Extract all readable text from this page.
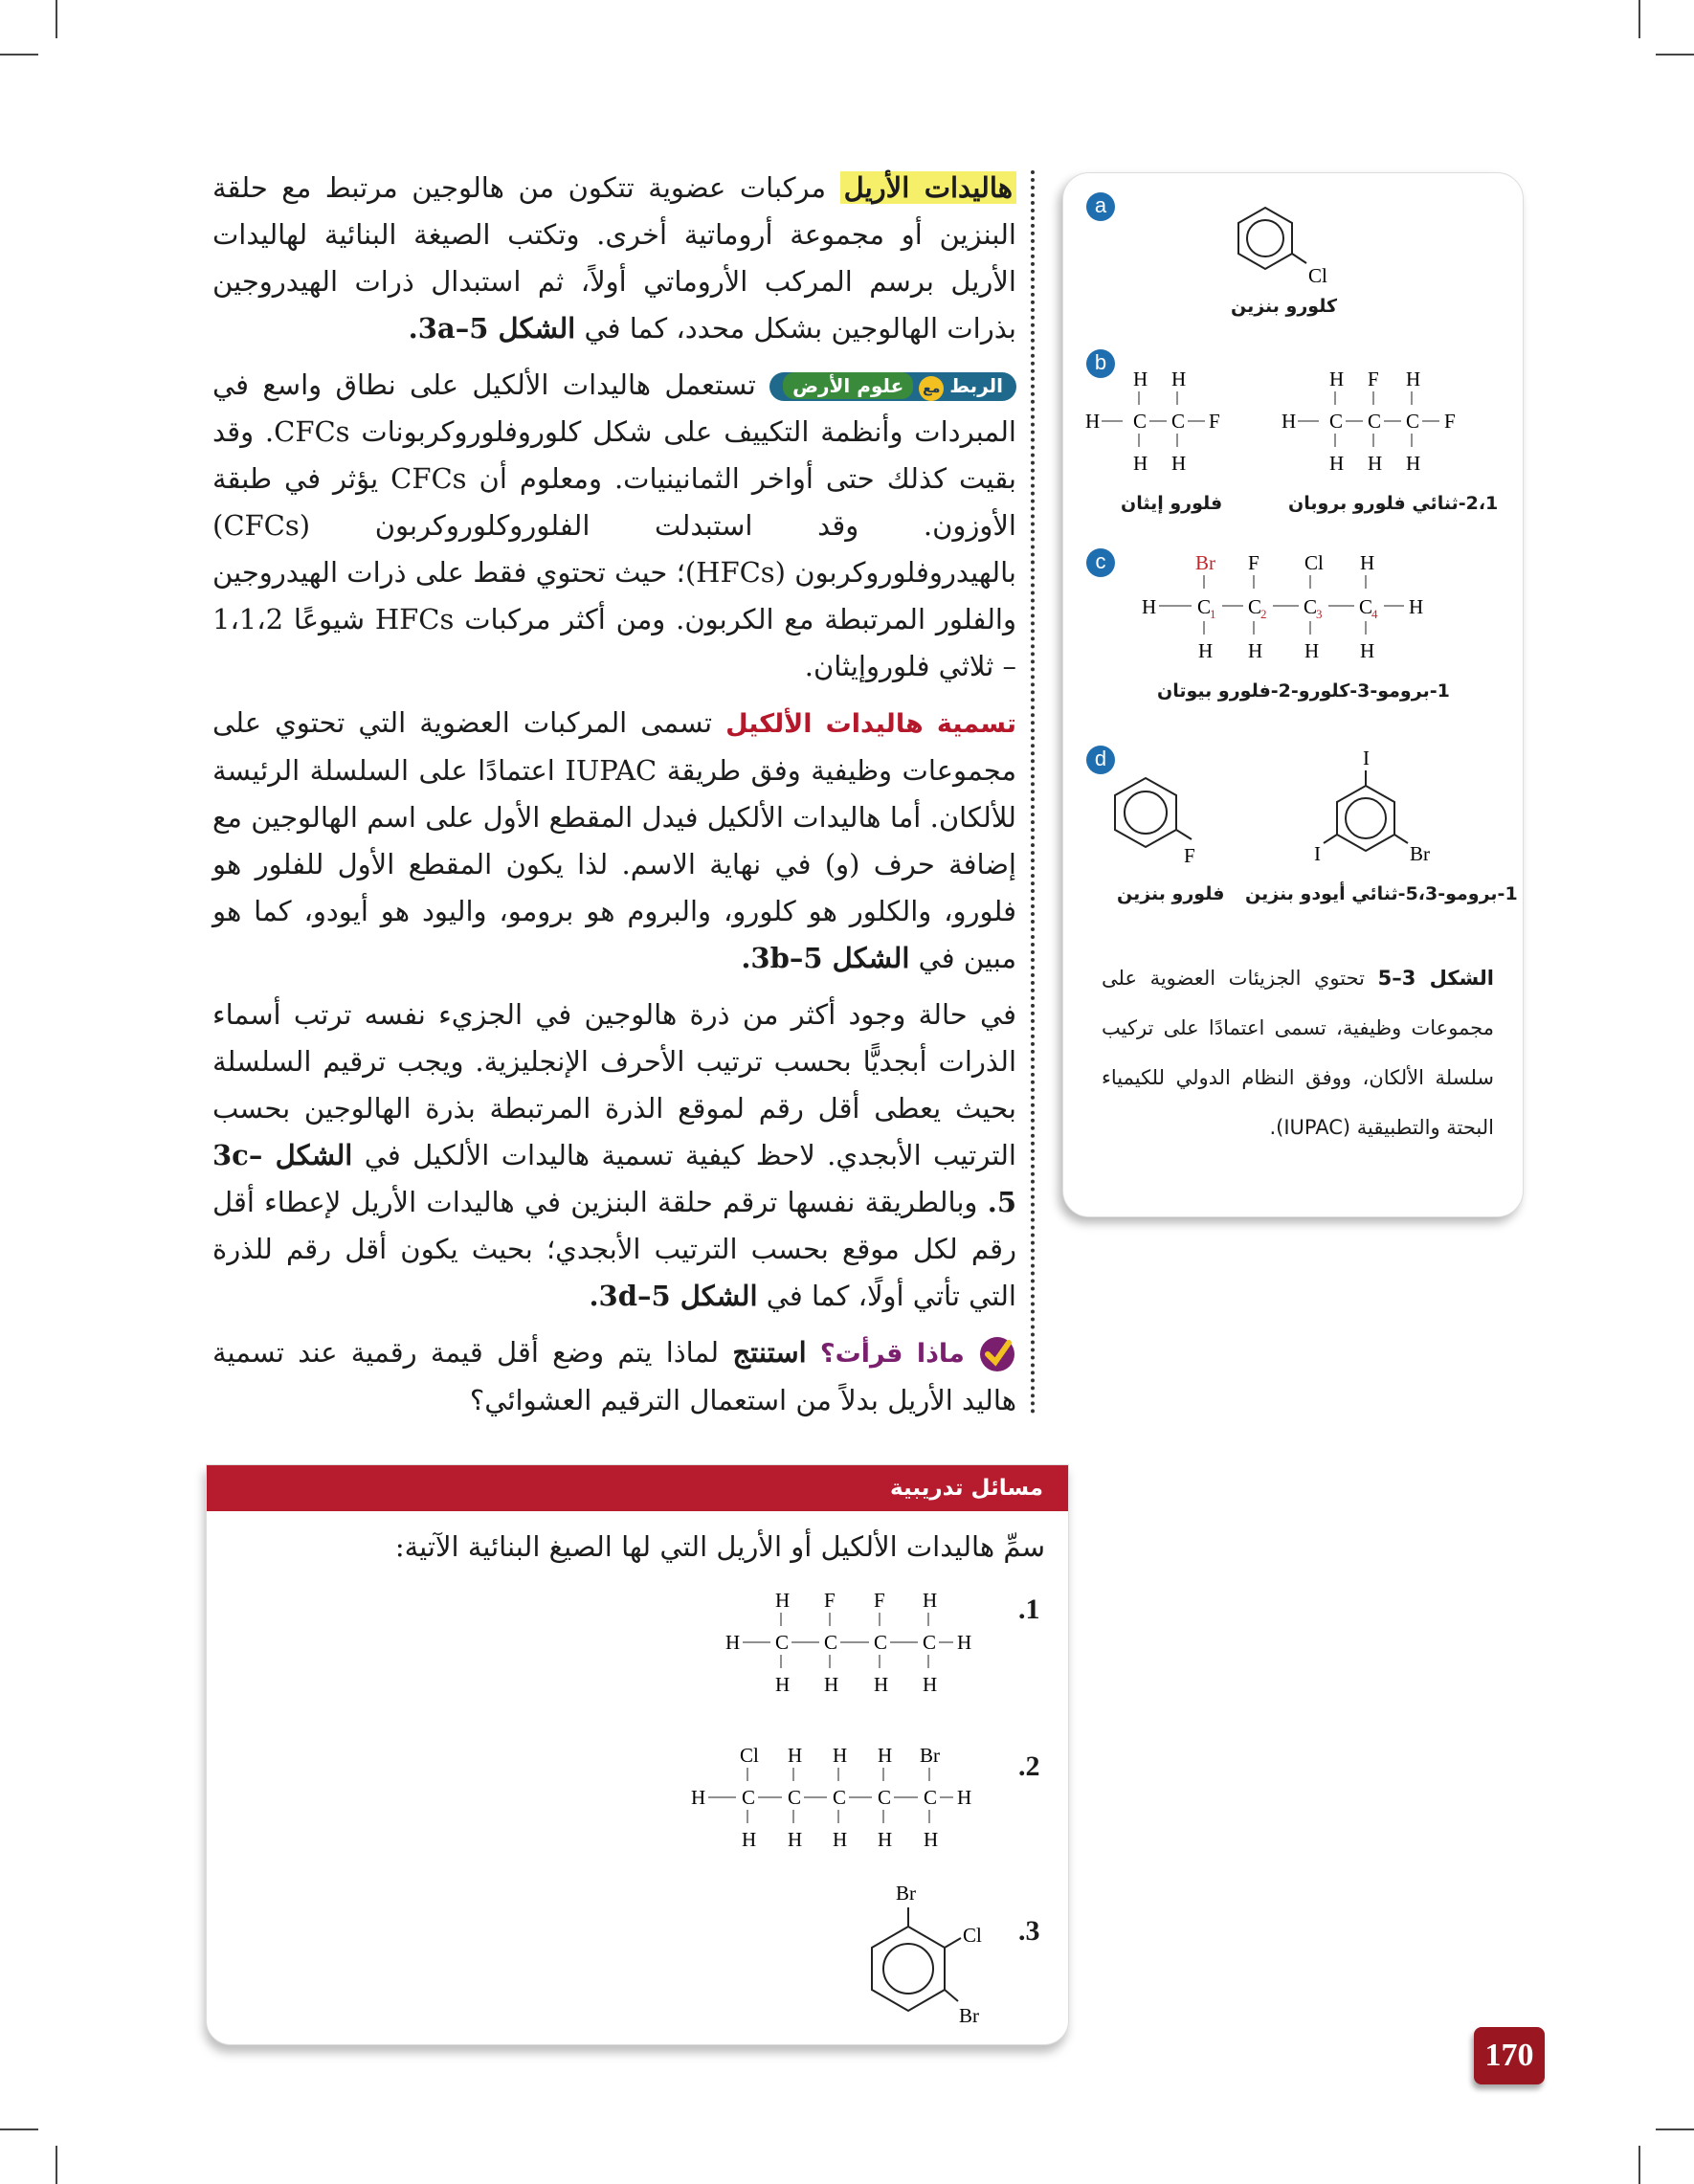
هاليدات الأريل مركبات عضوية تتكون من هالوجين مرتبط مع حلقة البنزين أو مجموعة أروماتية أخرى. وتكتب الصيغة البنائية لهاليدات الأريل برسم المركب الأروماتي أولاً، ثم استبدال ذرات الهيدروجين بذرات الهالوجين بشكل محدد، كما في الشكل 3a–5.

الربطمععلوم الأرض تستعمل هاليدات الألكيل على نطاق واسع في المبردات وأنظمة التكييف على شكل كلوروفلوروكربونات CFCs. وقد بقيت كذلك حتى أواخر الثمانينيات. ومعلوم أن CFCs يؤثر في طبقة الأوزون. وقد استبدلت الفلوروكلوروكربون (CFCs) بالهيدروفلوروكربون (HFCs)؛ حيث تحتوي فقط على ذرات الهيدروجين والفلور المرتبطة مع الكربون. ومن أكثر مركبات HFCs شيوعًا 1،1،2 – ثلاثي فلوروإيثان.

تسمية هاليدات الألكيل تسمى المركبات العضوية التي تحتوي على مجموعات وظيفية وفق طريقة IUPAC اعتمادًا على السلسلة الرئيسة للألكان. أما هاليدات الألكيل فيدل المقطع الأول على اسم الهالوجين مع إضافة حرف (و) في نهاية الاسم. لذا يكون المقطع الأول للفلور هو فلورو، والكلور هو كلورو، والبروم هو برومو، واليود هو أيودو، كما هو مبين في الشكل 3b–5.

في حالة وجود أكثر من ذرة هالوجين في الجزيء نفسه ترتب أسماء الذرات أبجديًّا بحسب ترتيب الأحرف الإنجليزية. ويجب ترقيم السلسلة بحيث يعطى أقل رقم لموقع الذرة المرتبطة بذرة الهالوجين بحسب الترتيب الأبجدي. لاحظ كيفية تسمية هاليدات الألكيل في الشكل 3c–5. وبالطريقة نفسها ترقم حلقة البنزين في هاليدات الأريل لإعطاء أقل رقم لكل موقع بحسب الترتيب الأبجدي؛ بحيث يكون أقل رقم للذرة التي تأتي أولًا، كما في الشكل 3d–5.

ماذا قرأت؟ استنتج لماذا يتم وضع أقل قيمة رقمية عند تسمية هاليد الأريل بدلاً من استعمال الترقيم العشوائي؟

a
b
c
d
Cl
H H
H C C F
H H
H F H
H C C C F
H H H
Br F Cl H
H C
1 C
2 C
3 C
4 H
H H H H
F
I
I	Br
كلورو بنزين
فلورو إيثان	2،1-ثنائي فلورو بروبان
1-برومو-3-كلورو-2-فلورو بيوتان
فلورو بنزين 1-برومو-5،3-ثنائي أيودو بنزين
الشكل 3–5 تحتوي الجزيئات العضوية على مجموعات وظيفية، تسمى اعتمادًا على تركيب سلسلة الألكان، ووفق النظام الدولي للكيمياء البحتة والتطبيقية (IUPAC).
مسائل تدريبية
سمِّ هاليدات الألكيل أو الأريل التي لها الصيغ البنائية الآتية:
.1
.2
.3
H F F H
H C C C C H
H H H H
Cl H H H Br
H C C C C C H
H H H H H
Br
Cl
Br
170
